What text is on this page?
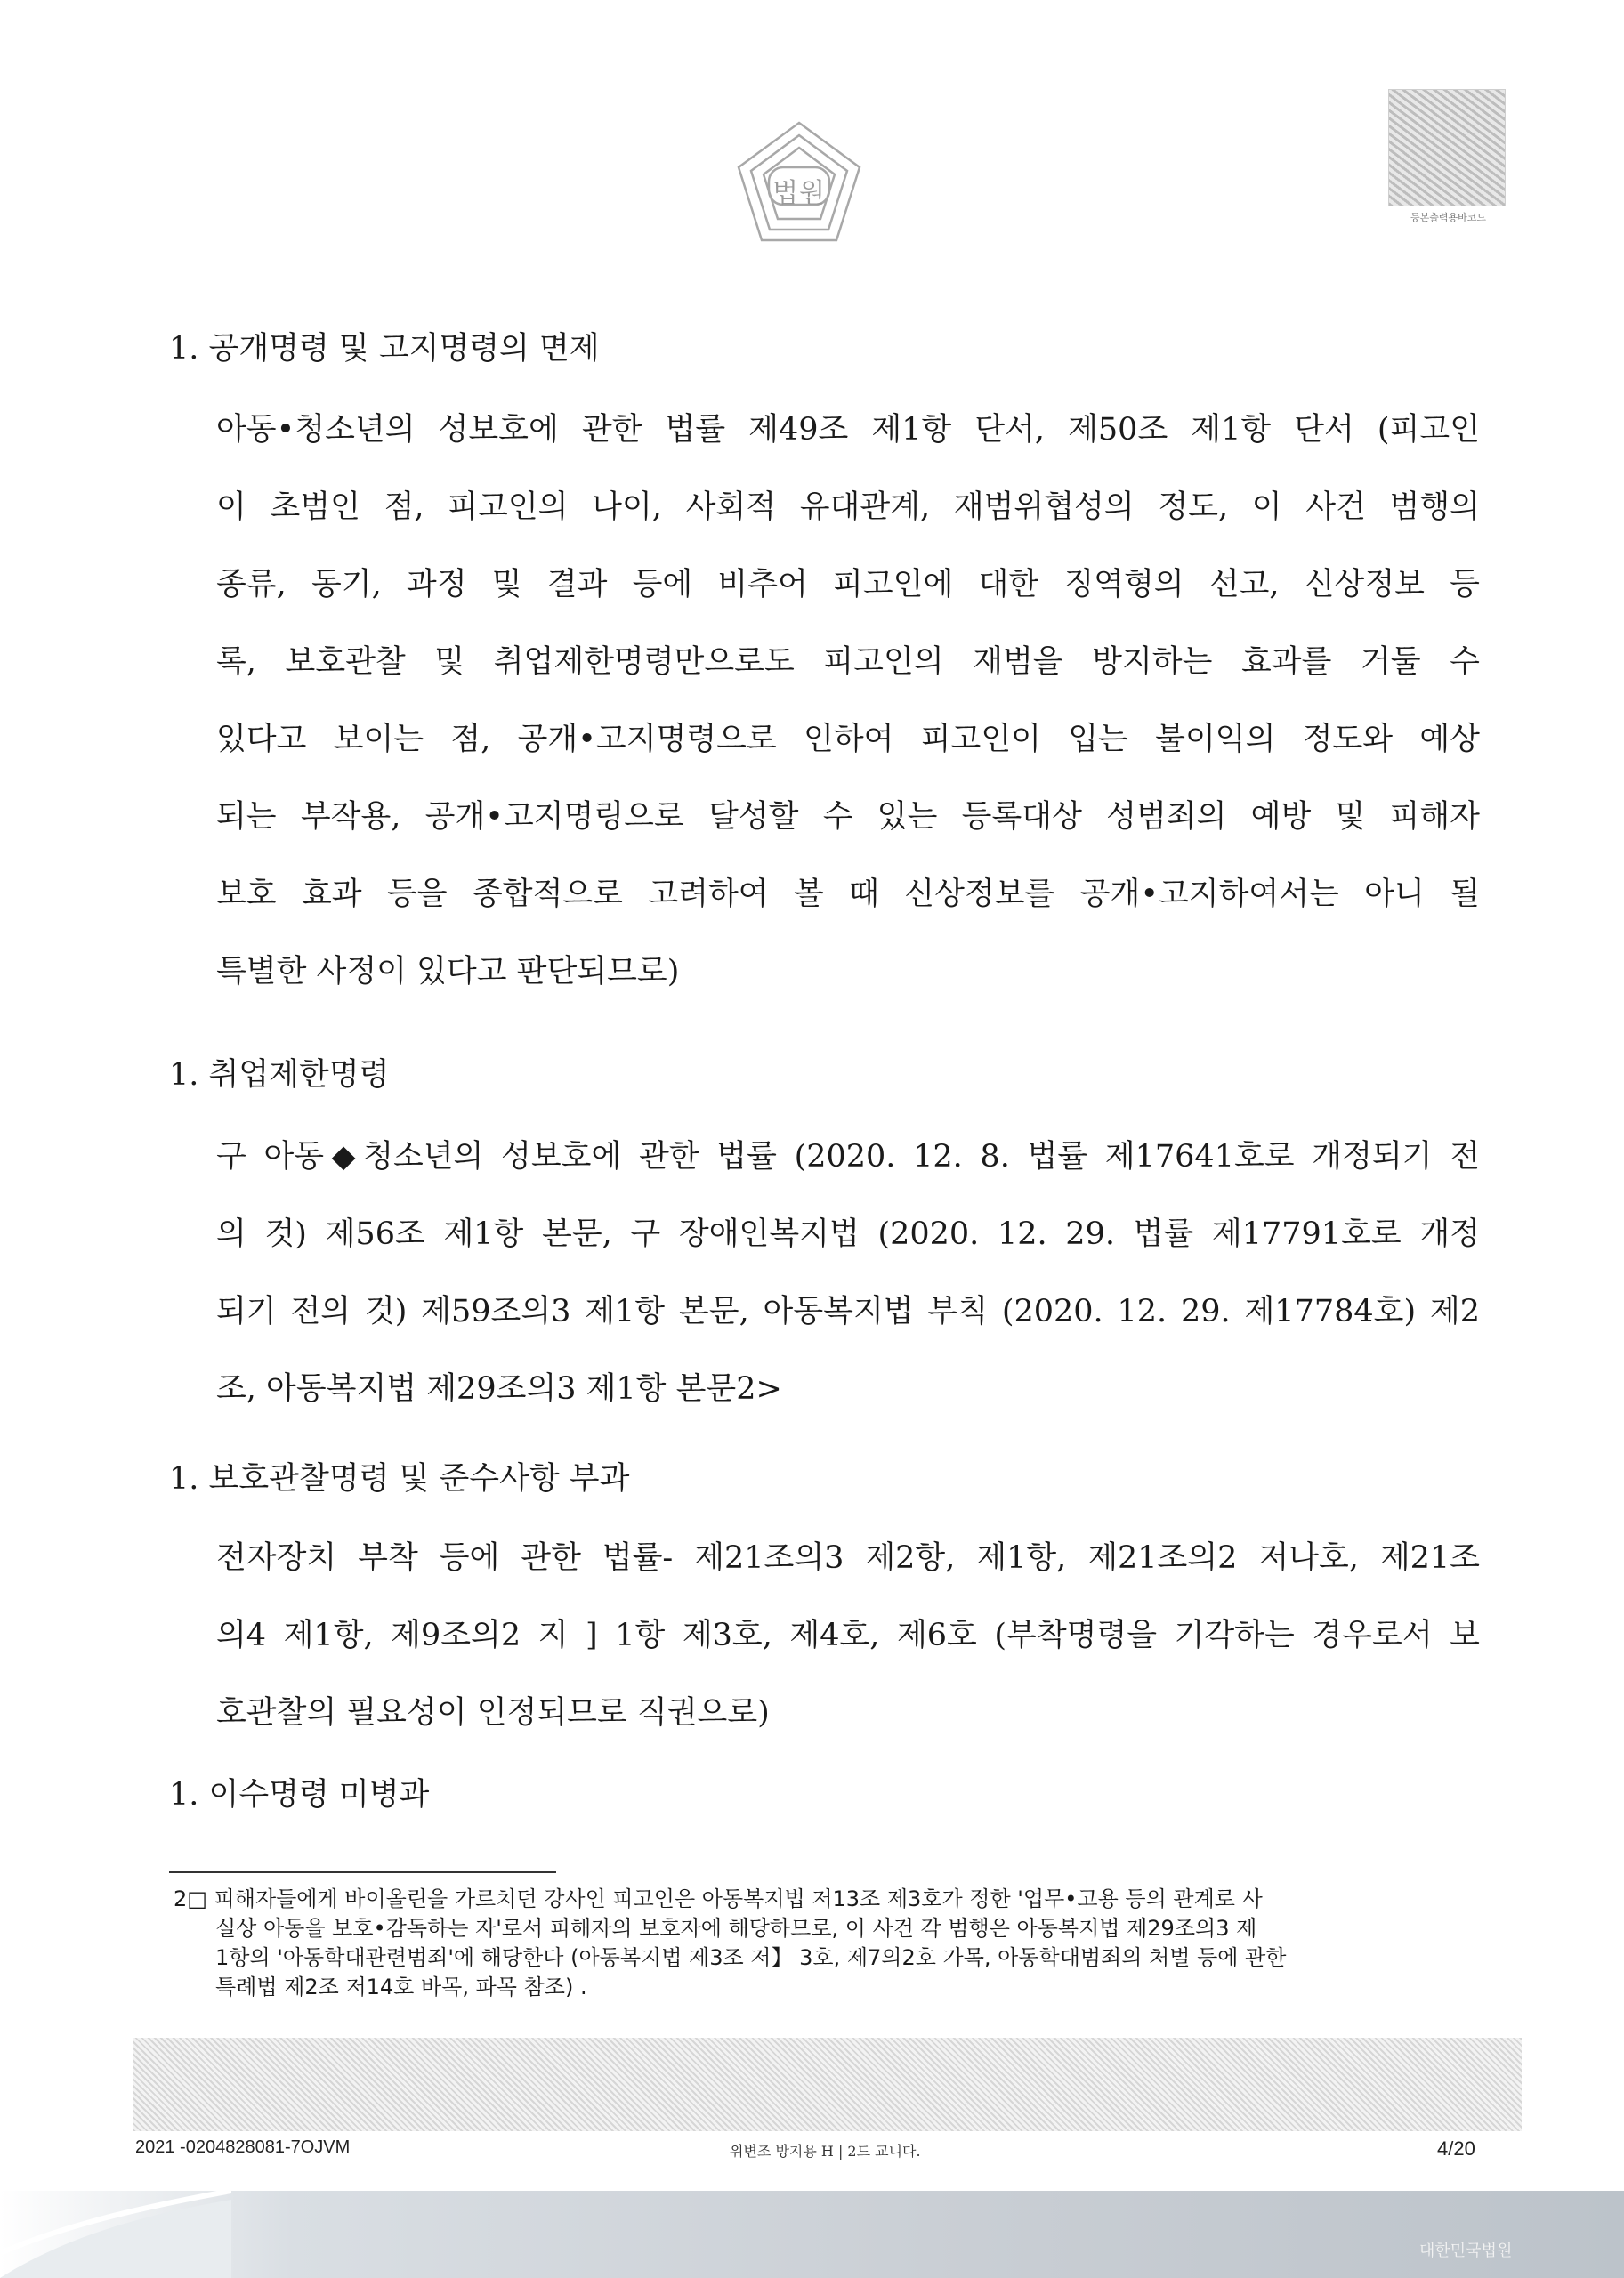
법원
등본출력용바코드
1. 공개명령 및 고지명령의 면제
아동•청소년의 성보호에 관한 법률 제49조 제1항 단서, 제50조 제1항 단서 (피고인
이 초범인 점, 피고인의 나이, 사회적 유대관계, 재범위협성의 정도, 이 사건 범행의
종류, 동기, 과정 및 결과 등에 비추어 피고인에 대한 징역형의 선고, 신상정보 등
록, 보호관찰 및 취업제한명령만으로도 피고인의 재범을 방지하는 효과를 거둘 수
있다고 보이는 점, 공개•고지명령으로 인하여 피고인이 입는 불이익의 정도와 예상
되는 부작용, 공개•고지명링으로 달성할 수 있는 등록대상 성범죄의 예방 및 피해자
보호 효과 등을 종합적으로 고려하여 볼 때 신상정보를 공개•고지하여서는 아니 될
특별한 사정이 있다고 판단되므로)
1. 취업제한명령
구 아동◆청소년의 성보호에 관한 법률 (2020. 12. 8. 법률 제17641호로 개정되기 전
의 것) 제56조 제1항 본문, 구 장애인복지법 (2020. 12. 29. 법률 제17791호로 개정
되기 전의 것) 제59조의3 제1항 본문, 아동복지법 부칙 (2020. 12. 29. 제17784호) 제2
조, 아동복지법 제29조의3 제1항 본문2>
1. 보호관찰명령 및 준수사항 부과
전자장치 부착 등에 관한 법률- 제21조의3 제2항, 제1항, 제21조의2 저나호, 제21조
의4 제1항, 제9조의2 지 ] 1항 제3호, 제4호, 제6호 (부착명령을 기각하는 경우로서 보
호관찰의 필요성이 인정되므로 직권으로)
1. 이수명령 미병과
2□ 피해자들에게 바이올린을 가르치던 강사인 피고인은 아동복지법 저13조 제3호가 정한 '업무•고용 등의 관계로 사
실상 아동을 보호•감독하는 자'로서 피해자의 보호자에 해당하므로, 이 사건 각 범행은 아동복지법 제29조의3 제
1항의 '아동학대관련범죄'에 해당한다 (아동복지법 제3조 저】 3호, 제7의2호 가목, 아동학대범죄의 처벌 등에 관한
특례법 제2조 저14호 바목, 파목 참조) .
2021 -0204828081-7OJVM	위변조 방지용 H | 2드 교니다.	4/20
대한민국법원
